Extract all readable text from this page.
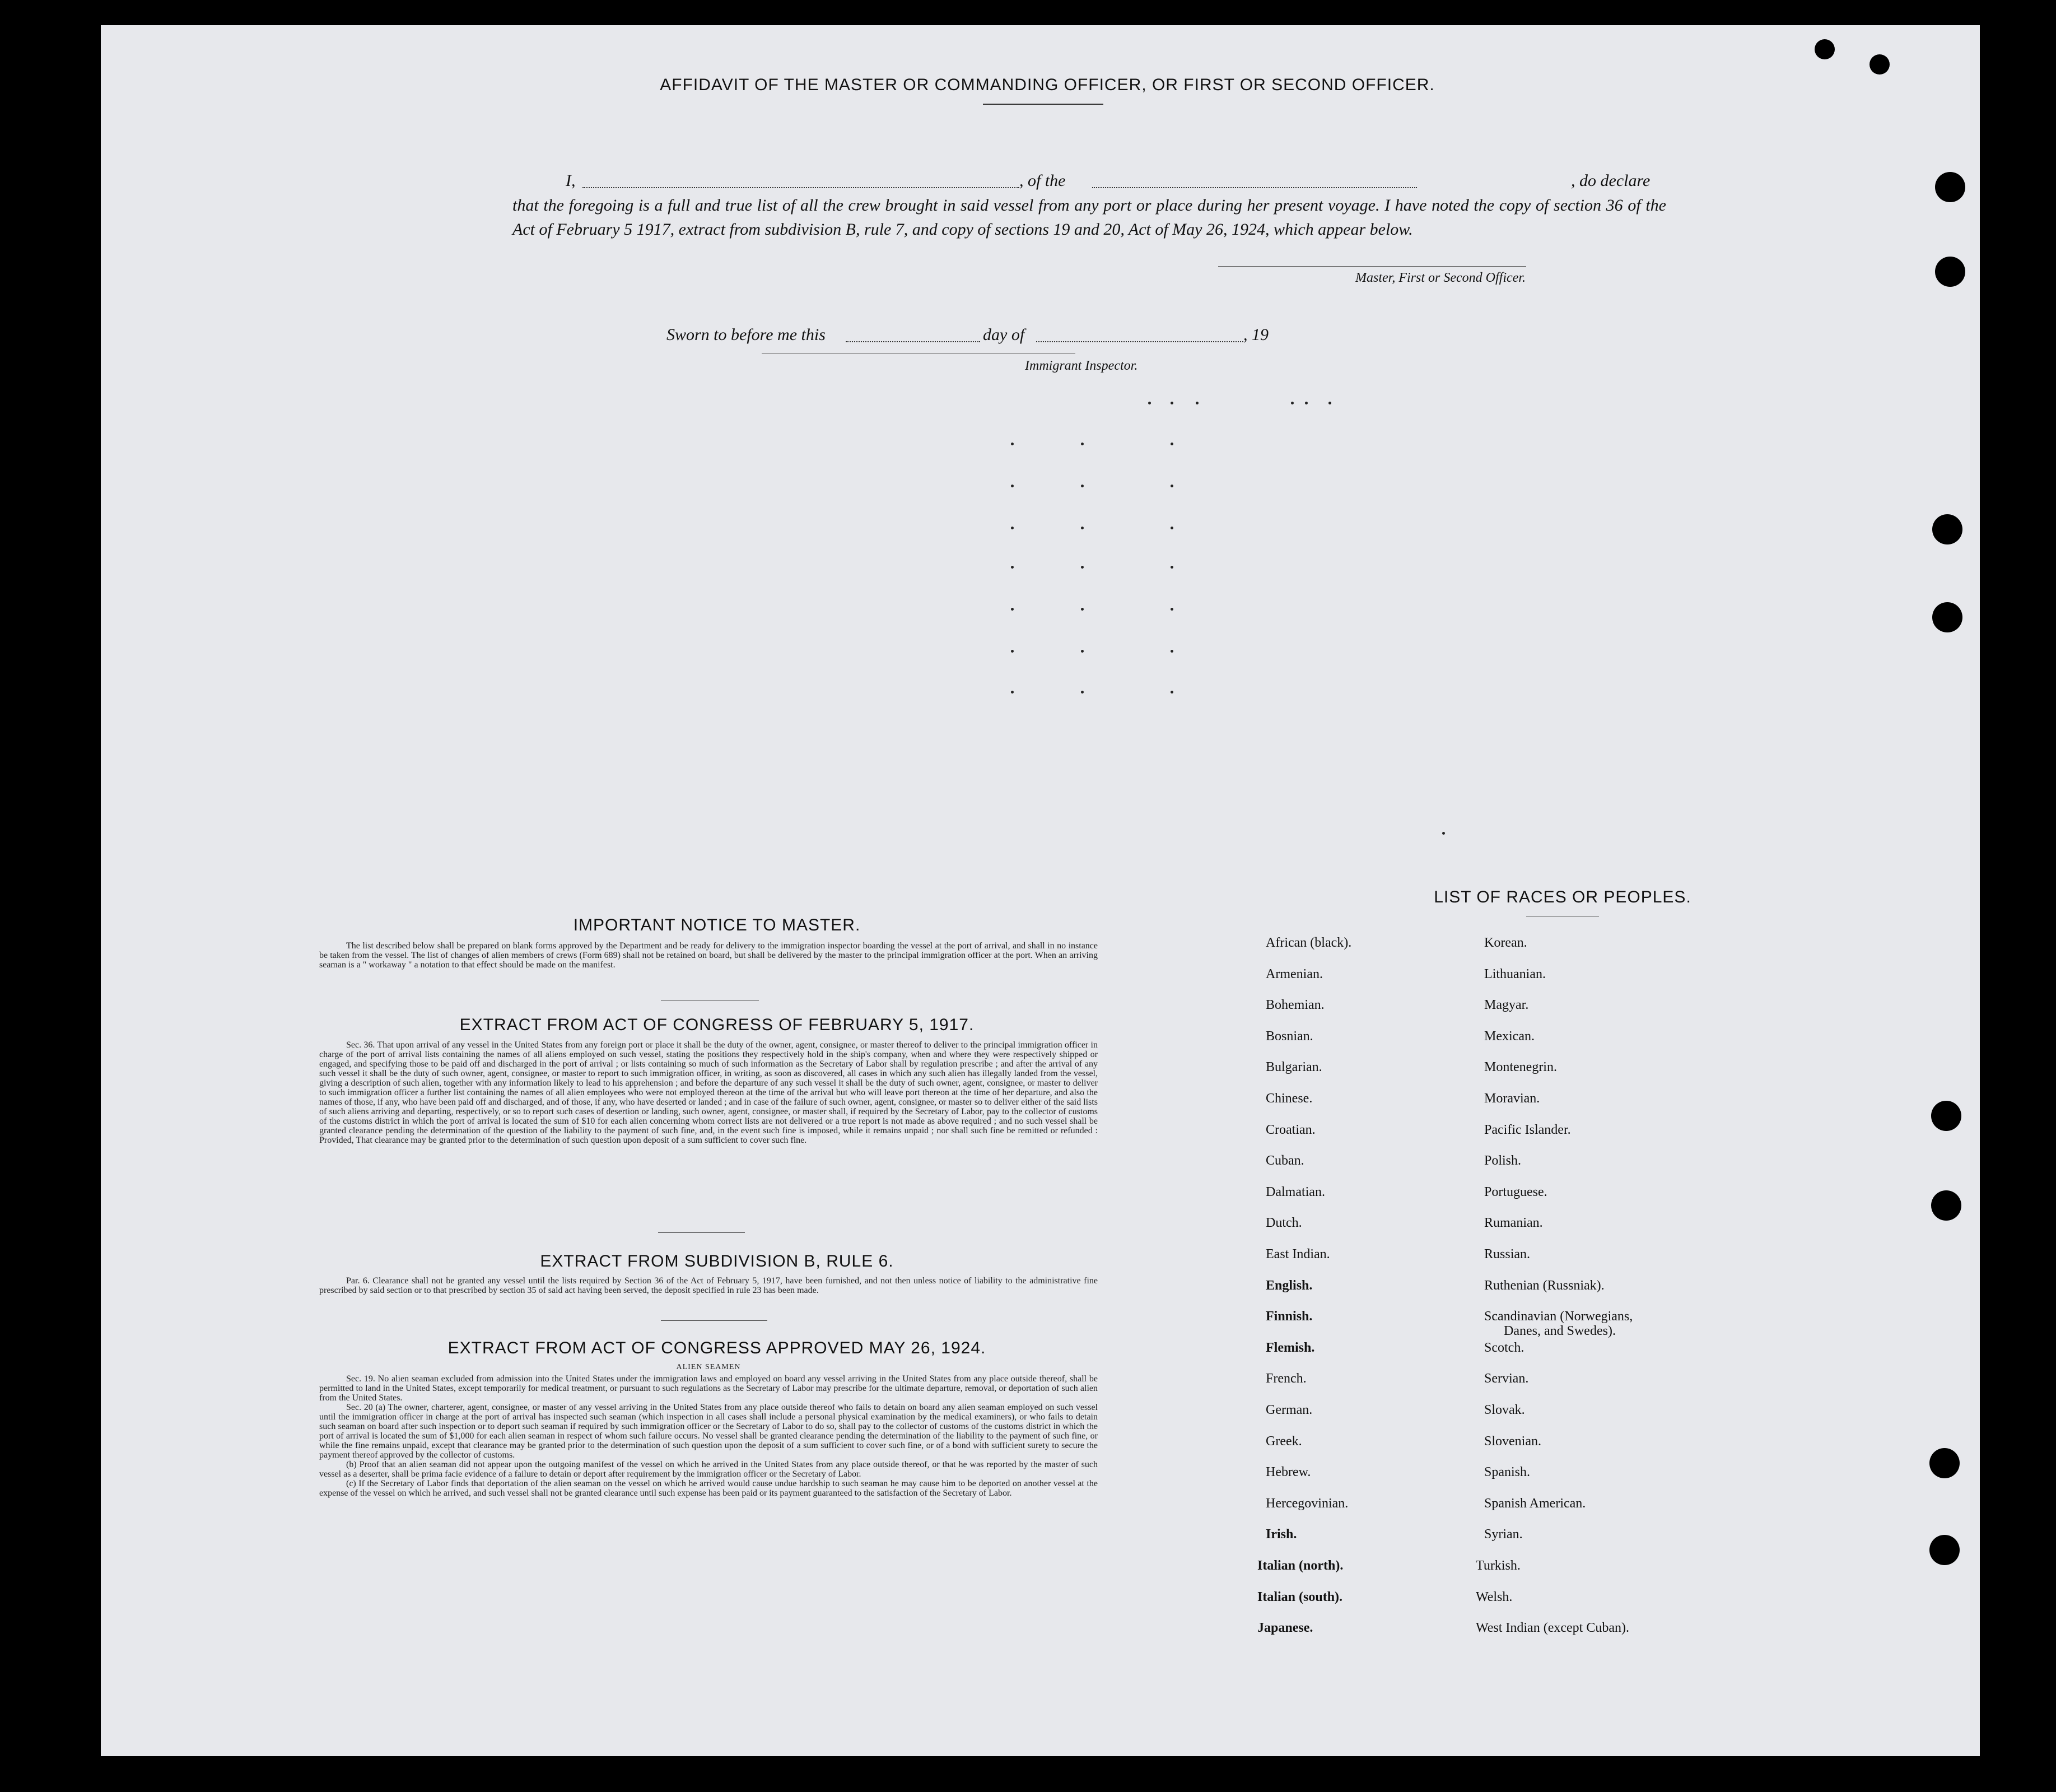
AFFIDAVIT OF THE MASTER OR COMMANDING OFFICER, OR FIRST OR SECOND OFFICER.
I,	, of the	, do declare
that the foregoing is a full and true list of all the crew brought in said vessel from any port or place during her present voyage. I have noted the copy of section 36 of the Act of February 5 1917, extract from subdivision B, rule 7, and copy of sections 19 and 20, Act of May 26, 1924, which appear below.
Master, First or Second Officer.
Sworn to before me this	day of	, 19
Immigrant Inspector.
IMPORTANT NOTICE TO MASTER.

The list described below shall be prepared on blank forms approved by the Department and be ready for delivery to the immigration inspector boarding the vessel at the port of arrival, and shall in no instance be taken from the vessel. The list of changes of alien members of crews (Form 689) shall not be retained on board, but shall be delivered by the master to the principal immigration officer at the port. When an arriving seaman is a " workaway " a notation to that effect should be made on the manifest.

EXTRACT FROM ACT OF CONGRESS OF FEBRUARY 5, 1917.

Sec. 36. That upon arrival of any vessel in the United States from any foreign port or place it shall be the duty of the owner, agent, consignee, or master thereof to deliver to the principal immigration officer in charge of the port of arrival lists containing the names of all aliens employed on such vessel, stating the positions they respectively hold in the ship's company, when and where they were respectively shipped or engaged, and specifying those to be paid off and discharged in the port of arrival ; or lists containing so much of such information as the Secretary of Labor shall by regulation prescribe ; and after the arrival of any such vessel it shall be the duty of such owner, agent, consignee, or master to report to such immigration officer, in writing, as soon as discovered, all cases in which any such alien has illegally landed from the vessel, giving a description of such alien, together with any information likely to lead to his apprehension ; and before the departure of any such vessel it shall be the duty of such owner, agent, consignee, or master to deliver to such immigration officer a further list containing the names of all alien employees who were not employed thereon at the time of the arrival but who will leave port thereon at the time of her departure, and also the names of those, if any, who have been paid off and discharged, and of those, if any, who have deserted or landed ; and in case of the failure of such owner, agent, consignee, or master so to deliver either of the said lists of such aliens arriving and departing, respectively, or so to report such cases of desertion or landing, such owner, agent, consignee, or master shall, if required by the Secretary of Labor, pay to the collector of customs of the customs district in which the port of arrival is located the sum of $10 for each alien concerning whom correct lists are not delivered or a true report is not made as above required ; and no such vessel shall be granted clearance pending the determination of the question of the liability to the payment of such fine, and, in the event such fine is imposed, while it remains unpaid ; nor shall such fine be remitted or refunded : Provided, That clearance may be granted prior to the determination of such question upon deposit of a sum sufficient to cover such fine.

EXTRACT FROM SUBDIVISION B, RULE 6.

Par. 6. Clearance shall not be granted any vessel until the lists required by Section 36 of the Act of February 5, 1917, have been furnished, and not then unless notice of liability to the administrative fine prescribed by said section or to that prescribed by section 35 of said act having been served, the deposit specified in rule 23 has been made.

EXTRACT FROM ACT OF CONGRESS APPROVED MAY 26, 1924.
ALIEN SEAMEN

Sec. 19. No alien seaman excluded from admission into the United States under the immigration laws and employed on board any vessel arriving in the United States from any place outside thereof, shall be permitted to land in the United States, except temporarily for medical treatment, or pursuant to such regulations as the Secretary of Labor may prescribe for the ultimate departure, removal, or deportation of such alien from the United States.

Sec. 20 (a) The owner, charterer, agent, consignee, or master of any vessel arriving in the United States from any place outside thereof who fails to detain on board any alien seaman employed on such vessel until the immigration officer in charge at the port of arrival has inspected such seaman (which inspection in all cases shall include a personal physical examination by the medical examiners), or who fails to detain such seaman on board after such inspection or to deport such seaman if required by such immigration officer or the Secretary of Labor to do so, shall pay to the collector of customs of the customs district in which the port of arrival is located the sum of $1,000 for each alien seaman in respect of whom such failure occurs. No vessel shall be granted clearance pending the determination of the liability to the payment of such fine, or while the fine remains unpaid, except that clearance may be granted prior to the determination of such question upon the deposit of a sum sufficient to cover such fine, or of a bond with sufficient surety to secure the payment thereof approved by the collector of customs.

(b) Proof that an alien seaman did not appear upon the outgoing manifest of the vessel on which he arrived in the United States from any place outside thereof, or that he was reported by the master of such vessel as a deserter, shall be prima facie evidence of a failure to detain or deport after requirement by the immigration officer or the Secretary of Labor.

(c) If the Secretary of Labor finds that deportation of the alien seaman on the vessel on which he arrived would cause undue hardship to such seaman he may cause him to be deported on another vessel at the expense of the vessel on which he arrived, and such vessel shall not be granted clearance until such expense has been paid or its payment guaranteed to the satisfaction of the Secretary of Labor.

LIST OF RACES OR PEOPLES.
African (black).
Armenian.
Bohemian.
Bosnian.
Bulgarian.
Chinese.
Croatian.
Cuban.
Dalmatian.
Dutch.
East Indian.
English.
Finnish.
Flemish.
French.
German.
Greek.
Hebrew.
Hercegovinian.
Irish.
Italian (north).
Italian (south).
Japanese.
Korean.
Lithuanian.
Magyar.
Mexican.
Montenegrin.
Moravian.
Pacific Islander.
Polish.
Portuguese.
Rumanian.
Russian.
Ruthenian (Russniak).
Scandinavian (Norwegians,
Danes, and Swedes).
Scotch.
Servian.
Slovak.
Slovenian.
Spanish.
Spanish American.
Syrian.
Turkish.
Welsh.
West Indian (except Cuban).
